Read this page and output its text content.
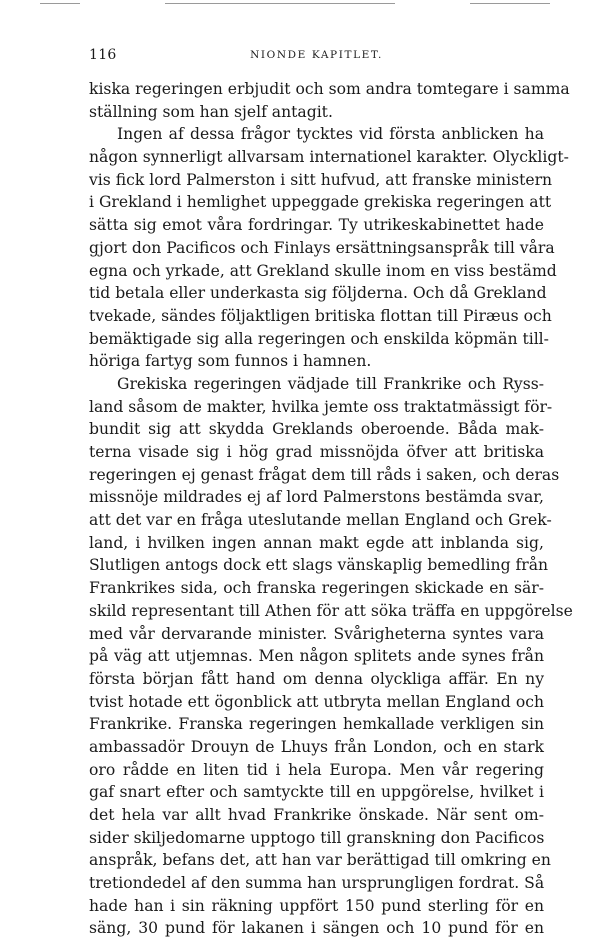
116	NIONDE KAPITLET.
kiska regeringen erbjudit och som andra tomtegare i samma
ställning som han sjelf antagit.
Ingen af dessa frågor tycktes vid första anblicken ha
någon synnerligt allvarsam internationel karakter. Olyckligt-
vis fick lord Palmerston i sitt hufvud, att franske ministern
i Grekland i hemlighet uppeggade grekiska regeringen att
sätta sig emot våra fordringar. Ty utrikeskabinettet hade
gjort don Pacificos och Finlays ersättningsanspråk till våra
egna och yrkade, att Grekland skulle inom en viss bestämd
tid betala eller underkasta sig följderna. Och då Grekland
tvekade, sändes följaktligen britiska flottan till Piræus och
bemäktigade sig alla regeringen och enskilda köpmän till-
höriga fartyg som funnos i hamnen.
Grekiska regeringen vädjade till Frankrike och Ryss-
land såsom de makter, hvilka jemte oss traktatmässigt för-
bundit sig att skydda Greklands oberoende. Båda mak-
terna visade sig i hög grad missnöjda öfver att britiska
regeringen ej genast frågat dem till råds i saken, och deras
missnöje mildrades ej af lord Palmerstons bestämda svar,
att det var en fråga uteslutande mellan England och Grek-
land, i hvilken ingen annan makt egde att inblanda sig,
Slutligen antogs dock ett slags vänskaplig bemedling från
Frankrikes sida, och franska regeringen skickade en sär-
skild representant till Athen för att söka träffa en uppgörelse
med vår dervarande minister. Svårigheterna syntes vara
på väg att utjemnas. Men någon splitets ande synes från
första början fått hand om denna olyckliga affär. En ny
tvist hotade ett ögonblick att utbryta mellan England och
Frankrike. Franska regeringen hemkallade verkligen sin
ambassadör Drouyn de Lhuys från London, och en stark
oro rådde en liten tid i hela Europa. Men vår regering
gaf snart efter och samtyckte till en uppgörelse, hvilket i
det hela var allt hvad Frankrike önskade. När sent om-
sider skiljedomarne upptogo till granskning don Pacificos
anspråk, befans det, att han var berättigad till omkring en
tretiondedel af den summa han ursprungligen fordrat. Så
hade han i sin räkning uppfört 150 pund sterling för en
säng, 30 pund för lakanen i sängen och 10 pund för en
